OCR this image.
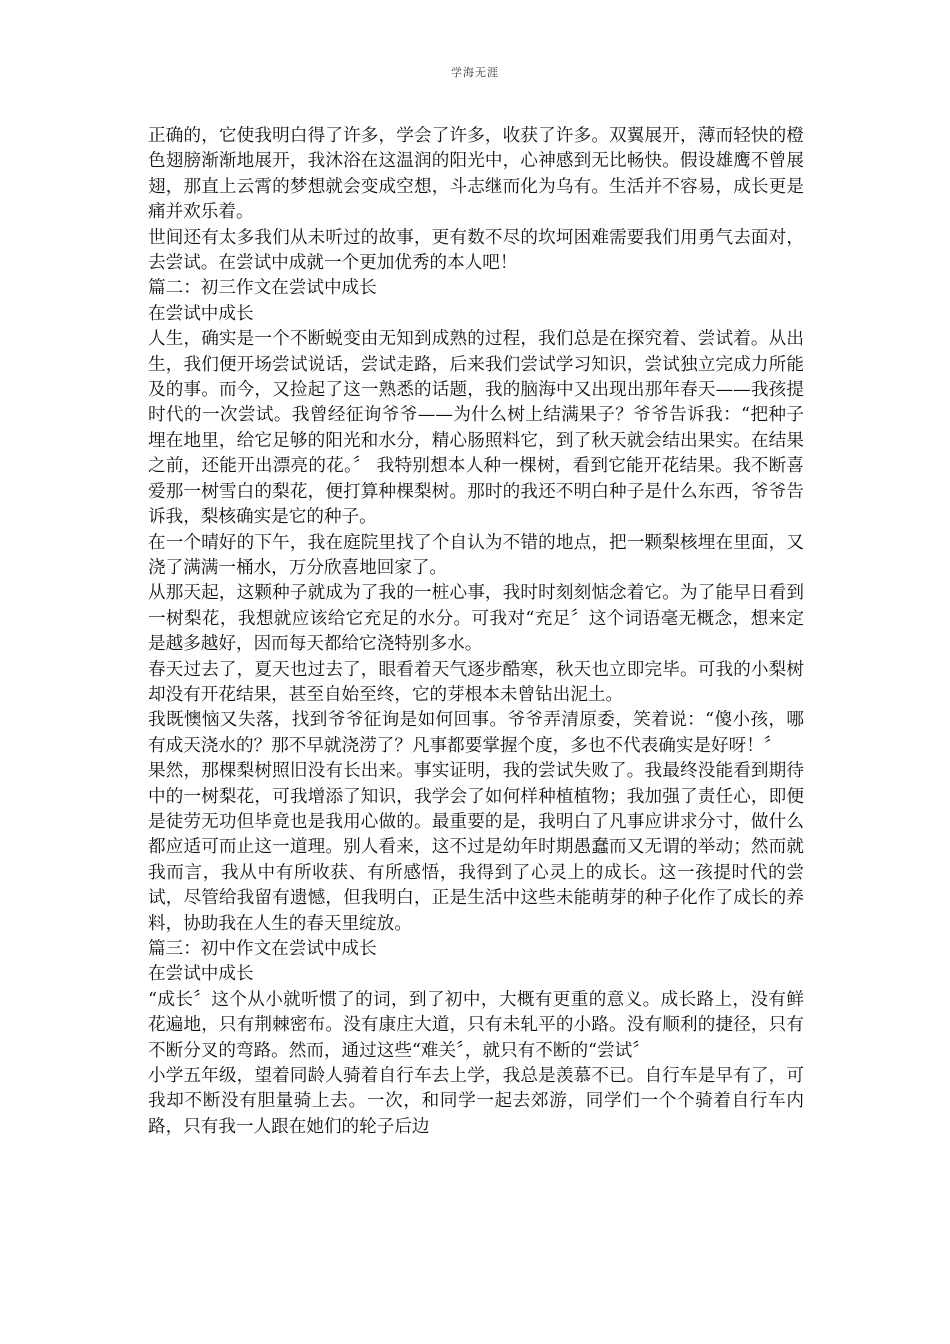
学海无涯

正确的，它使我明白得了许多，学会了许多，收获了许多。双翼展开，薄而轻快的橙色翅膀渐渐地展开，我沐浴在这温润的阳光中，心神感到无比畅快。假设雄鹰不曾展翅，那直上云霄的梦想就会变成空想，斗志继而化为乌有。生活并不容易，成长更是痛并欢乐着。

世间还有太多我们从未听过的故事，更有数不尽的坎坷困难需要我们用勇气去面对，去尝试。在尝试中成就一个更加优秀的本人吧！

篇二：初三作文在尝试中成长

在尝试中成长

人生，确实是一个不断蜕变由无知到成熟的过程，我们总是在探究着、尝试着。从出生，我们便开场尝试说话，尝试走路，后来我们尝试学习知识，尝试独立完成力所能及的事。而今，又捡起了这一熟悉的话题，我的脑海中又出现出那年春天——我孩提时代的一次尝试。我曾经征询爷爷——为什么树上结满果子？爷爷告诉我：“把种子埋在地里，给它足够的阳光和水分，精心肠照料它，到了秋天就会结出果实。在结果之前，还能开出漂亮的花。〞 我特别想本人种一棵树，看到它能开花结果。我不断喜爱那一树雪白的梨花，便打算种棵梨树。那时的我还不明白种子是什么东西，爷爷告诉我，梨核确实是它的种子。

在一个晴好的下午，我在庭院里找了个自认为不错的地点，把一颗梨核埋在里面，又浇了满满一桶水，万分欣喜地回家了。

从那天起，这颗种子就成为了我的一桩心事，我时时刻刻惦念着它。为了能早日看到一树梨花，我想就应该给它充足的水分。可我对“充足〞这个词语毫无概念，想来定是越多越好，因而每天都给它浇特别多水。

春天过去了，夏天也过去了，眼看着天气逐步酷寒，秋天也立即完毕。可我的小梨树却没有开花结果，甚至自始至终，它的芽根本未曾钻出泥土。

我既懊恼又失落，找到爷爷征询是如何回事。爷爷弄清原委，笑着说：“傻小孩，哪有成天浇水的？那不早就浇涝了？凡事都要掌握个度，多也不代表确实是好呀！〞

果然，那棵梨树照旧没有长出来。事实证明，我的尝试失败了。我最终没能看到期待中的一树梨花，可我增添了知识，我学会了如何样种植植物；我加强了责任心，即便是徒劳无功但毕竟也是我用心做的。最重要的是，我明白了凡事应讲求分寸，做什么都应适可而止这一道理。别人看来，这不过是幼年时期愚蠢而又无谓的举动；然而就我而言，我从中有所收获、有所感悟，我得到了心灵上的成长。这一孩提时代的尝试，尽管给我留有遗憾，但我明白，正是生活中这些未能萌芽的种子化作了成长的养料，协助我在人生的春天里绽放。

篇三：初中作文在尝试中成长

在尝试中成长

“成长〞这个从小就听惯了的词，到了初中，大概有更重的意义。成长路上，没有鲜花遍地，只有荆棘密布。没有康庄大道，只有未轧平的小路。没有顺利的捷径，只有不断分叉的弯路。然而，通过这些“难关〞，就只有不断的“尝试〞

小学五年级，望着同龄人骑着自行车去上学，我总是羡慕不已。自行车是早有了，可我却不断没有胆量骑上去。一次，和同学一起去郊游，同学们一个个骑着自行车内路，只有我一人跟在她们的轮子后边
